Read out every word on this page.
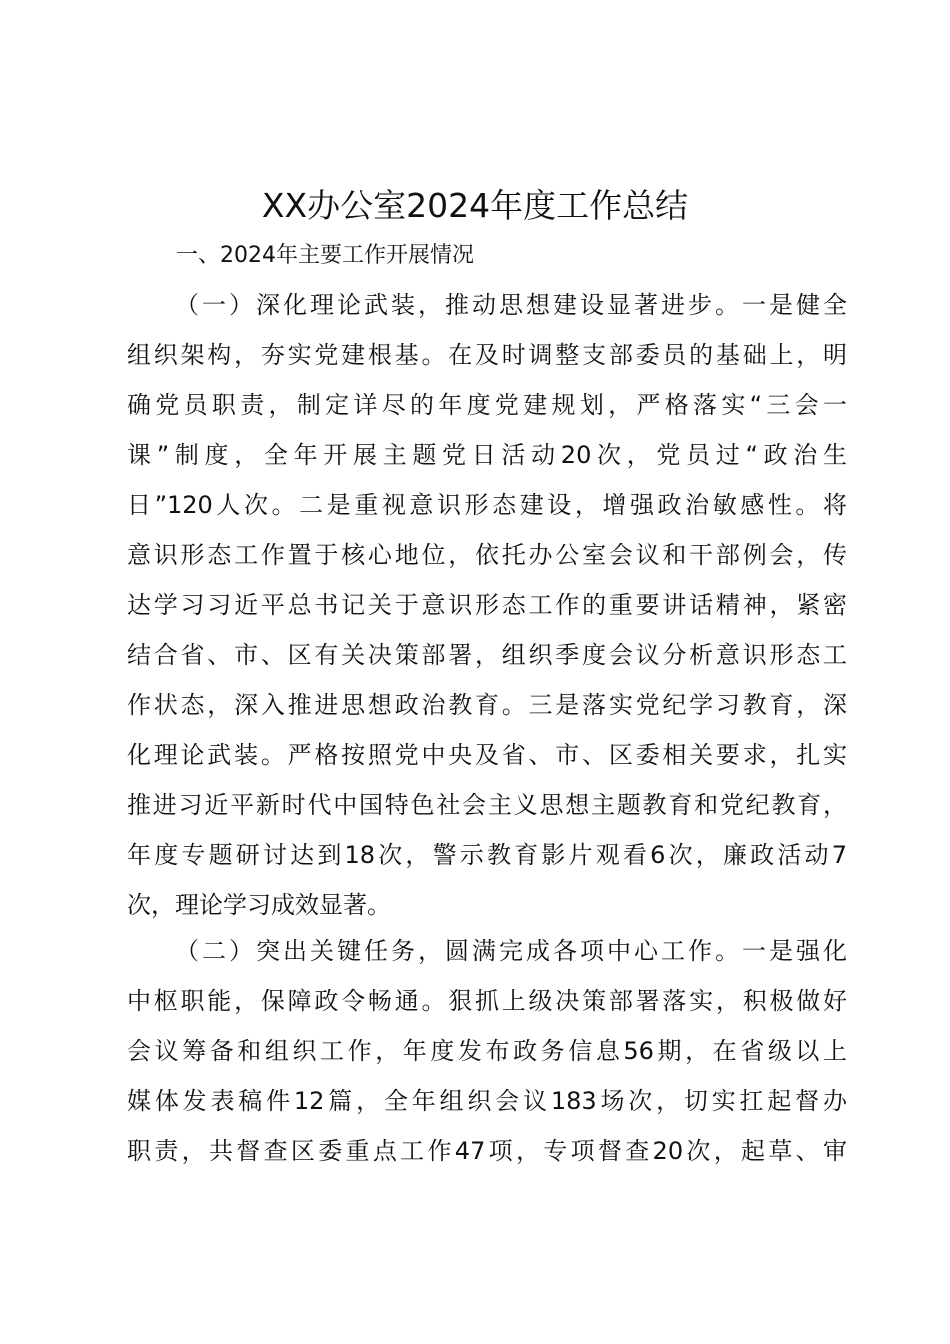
XX办公室2024年度工作总结
一、2024年主要工作开展情况
（一）深化理论武装，推动思想建设显著进步。一是健全
组织架构，夯实党建根基。在及时调整支部委员的基础上，明
确党员职责，制定详尽的年度党建规划，严格落实“三会一
课”制度，全年开展主题党日活动20次，党员过“政治生
日”120人次。二是重视意识形态建设，增强政治敏感性。将
意识形态工作置于核心地位，依托办公室会议和干部例会，传
达学习习近平总书记关于意识形态工作的重要讲话精神，紧密
结合省、市、区有关决策部署，组织季度会议分析意识形态工
作状态，深入推进思想政治教育。三是落实党纪学习教育，深
化理论武装。严格按照党中央及省、市、区委相关要求，扎实
推进习近平新时代中国特色社会主义思想主题教育和党纪教育，
年度专题研讨达到18次，警示教育影片观看6次，廉政活动7
次，理论学习成效显著。
（二）突出关键任务，圆满完成各项中心工作。一是强化
中枢职能，保障政令畅通。狠抓上级决策部署落实，积极做好
会议筹备和组织工作，年度发布政务信息56期，在省级以上
媒体发表稿件12篇，全年组织会议183场次，切实扛起督办
职责，共督查区委重点工作47项，专项督查20次，起草、审
